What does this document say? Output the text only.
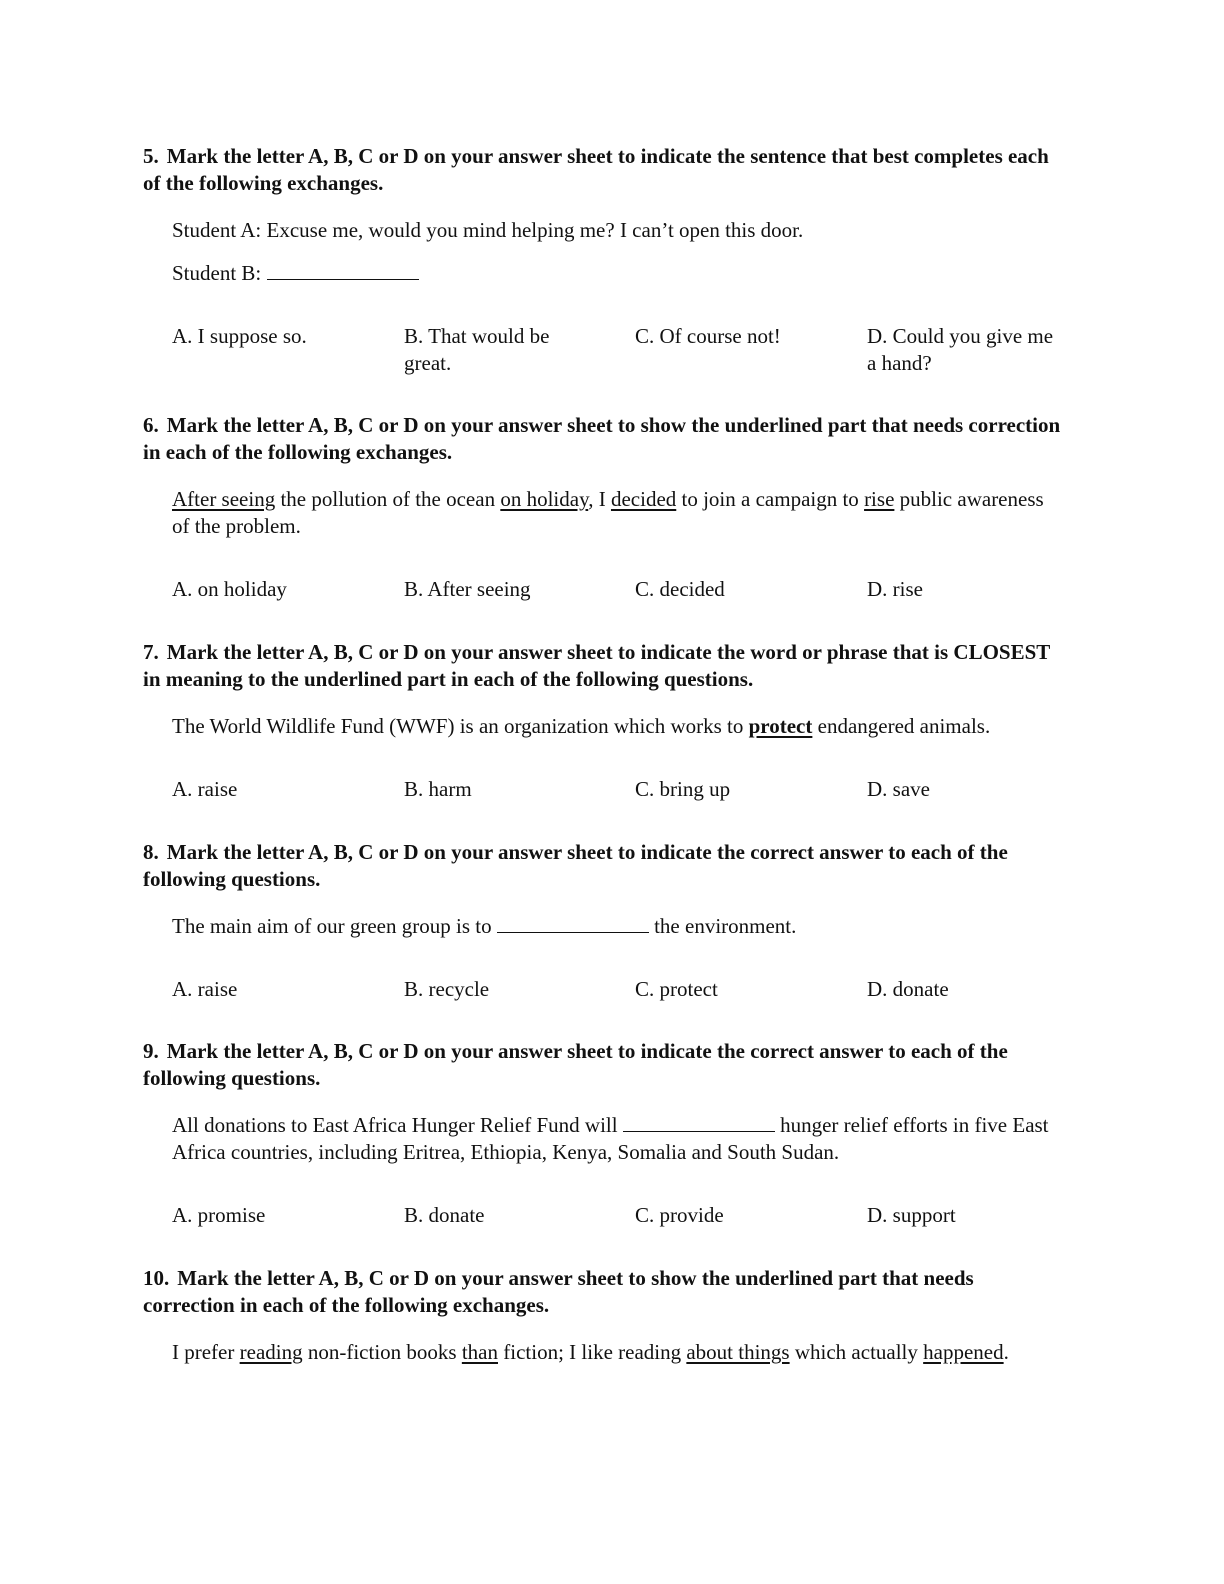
5. Mark the letter A, B, C or D on your answer sheet to indicate the sentence that best completes each of the following exchanges.

Student A: Excuse me, would you mind helping me? I can’t open this door.

Student B:

A. I suppose so.	B. That would be great.

C. Of course not!	D. Could you give me a hand?

6. Mark the letter A, B, C or D on your answer sheet to show the underlined part that needs correction in each of the following exchanges.

After seeing the pollution of the ocean on holiday, I decided to join a campaign to rise public awareness of the problem.

A. on holiday	B. After seeing	C. decided	D. rise

7. Mark the letter A, B, C or D on your answer sheet to indicate the word or phrase that is CLOSEST in meaning to the underlined part in each of the following questions.

The World Wildlife Fund (WWF) is an organization which works to protect endangered animals.

A. raise	B. harm	C. bring up	D. save

8. Mark the letter A, B, C or D on your answer sheet to indicate the correct answer to each of the following questions.

The main aim of our green group is to	the environment.

A. raise	B. recycle	C. protect	D. donate

9. Mark the letter A, B, C or D on your answer sheet to indicate the correct answer to each of the following questions.

All donations to East Africa Hunger Relief Fund will	hunger relief efforts in five East Africa countries, including Eritrea, Ethiopia, Kenya, Somalia and South Sudan.

A. promise	B. donate	C. provide	D. support

10. Mark the letter A, B, C or D on your answer sheet to show the underlined part that needs correction in each of the following exchanges.

I prefer reading non-fiction books than fiction; I like reading about things which actually happened.
